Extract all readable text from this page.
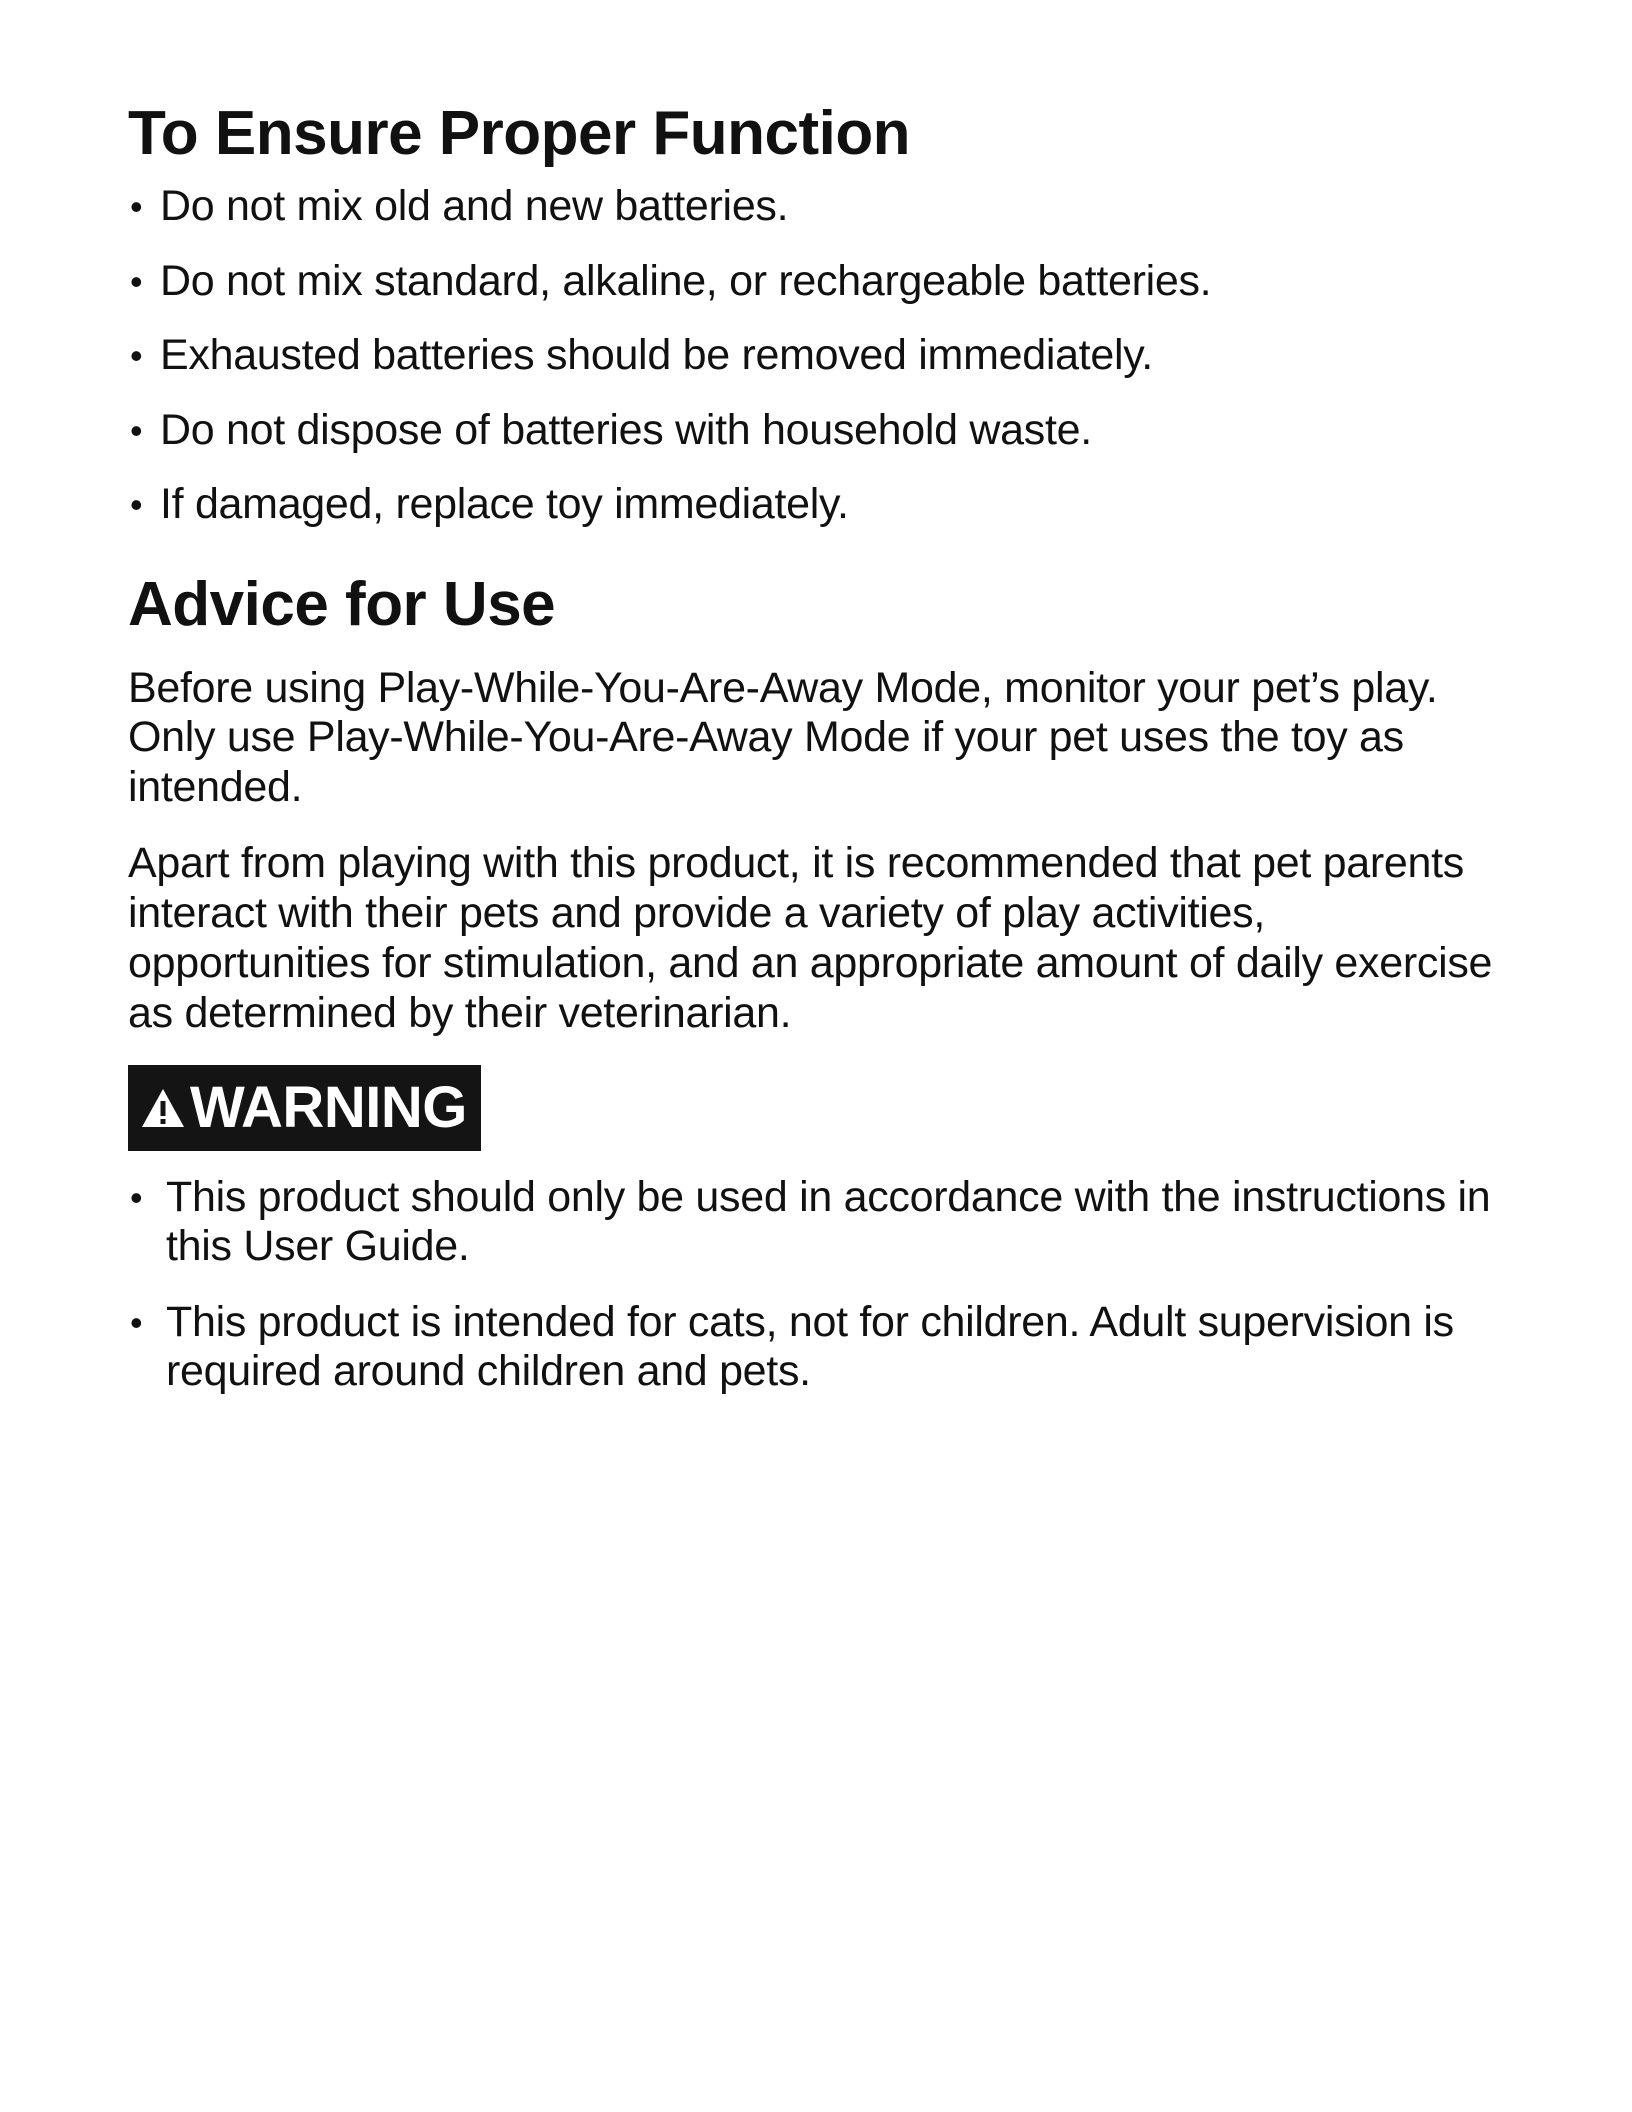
To Ensure Proper Function
• Do not mix old and new batteries.
• Do not mix standard, alkaline, or rechargeable batteries.
• Exhausted batteries should be removed immediately.
• Do not dispose of batteries with household waste.
• If damaged, replace toy immediately.
Advice for Use

Before using Play-While-You-Are-Away Mode, monitor your pet’s play. Only use Play-While-You-Are-Away Mode if your pet uses the toy as intended.

Apart from playing with this product, it is recommended that pet parents interact with their pets and provide a variety of play activities, opportunities for stimulation, and an appropriate amount of daily exercise as determined by their veterinarian.

WARNING
• This product should only be used in accordance with the instructions in this User Guide.
• This product is intended for cats, not for children. Adult supervision is required around children and pets.
